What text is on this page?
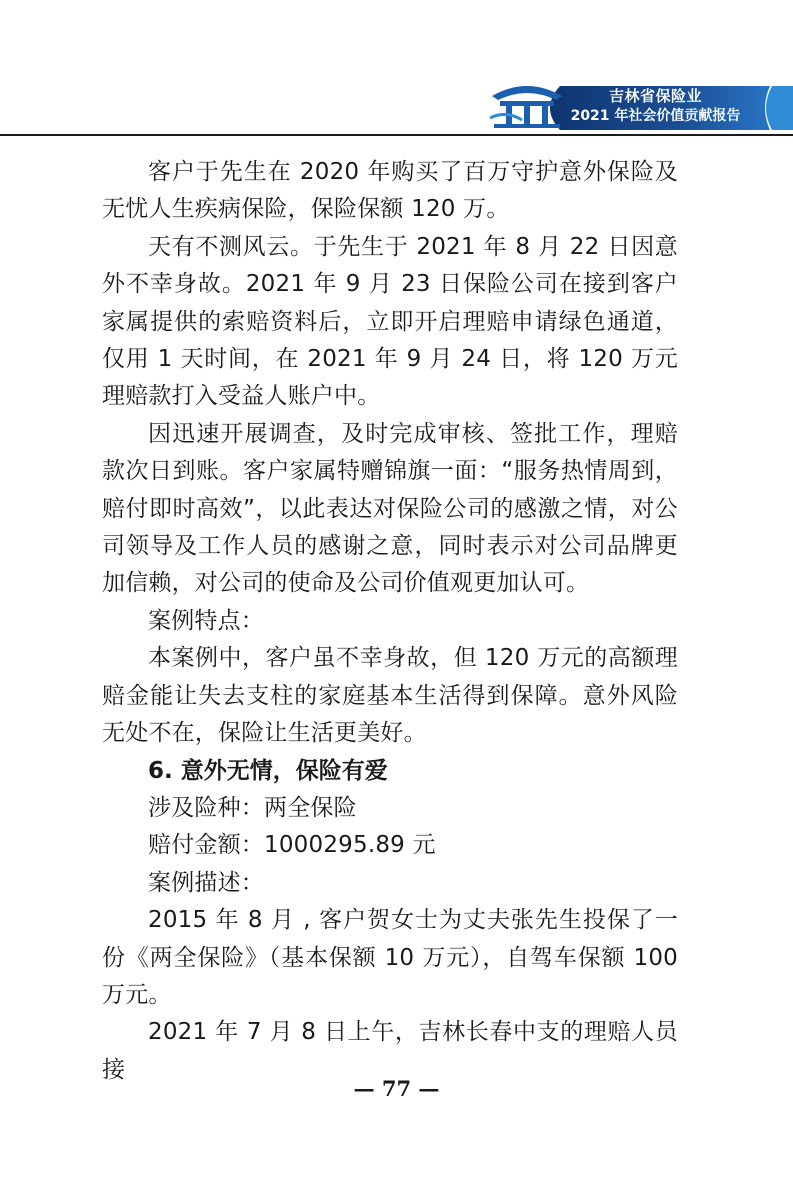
吉林省保险业
2021 年社会价值贡献报告

客户于先生在 2020 年购买了百万守护意外保险及无忧人生疾病保险，保险保额 120 万。

天有不测风云。于先生于 2021 年 8 月 22 日因意外不幸身故。2021 年 9 月 23 日保险公司在接到客户家属提供的索赔资料后，立即开启理赔申请绿色通道，仅用 1 天时间，在 2021 年 9 月 24 日，将 120 万元理赔款打入受益人账户中。

因迅速开展调查，及时完成审核、签批工作，理赔款次日到账。客户家属特赠锦旗一面：“服务热情周到，赔付即时高效”，以此表达对保险公司的感激之情，对公司领导及工作人员的感谢之意，同时表示对公司品牌更加信赖，对公司的使命及公司价值观更加认可。

案例特点：

本案例中，客户虽不幸身故，但 120 万元的高额理赔金能让失去支柱的家庭基本生活得到保障。意外风险无处不在，保险让生活更美好。

6. 意外无情，保险有爱

涉及险种：两全保险

赔付金额：1000295.89 元

案例描述：

2015 年 8 月 , 客户贺女士为丈夫张先生投保了一份《两全保险》（基本保额 10 万元），自驾车保额 100 万元。

2021 年 7 月 8 日上午，吉林长春中支的理赔人员接

— 77 —
